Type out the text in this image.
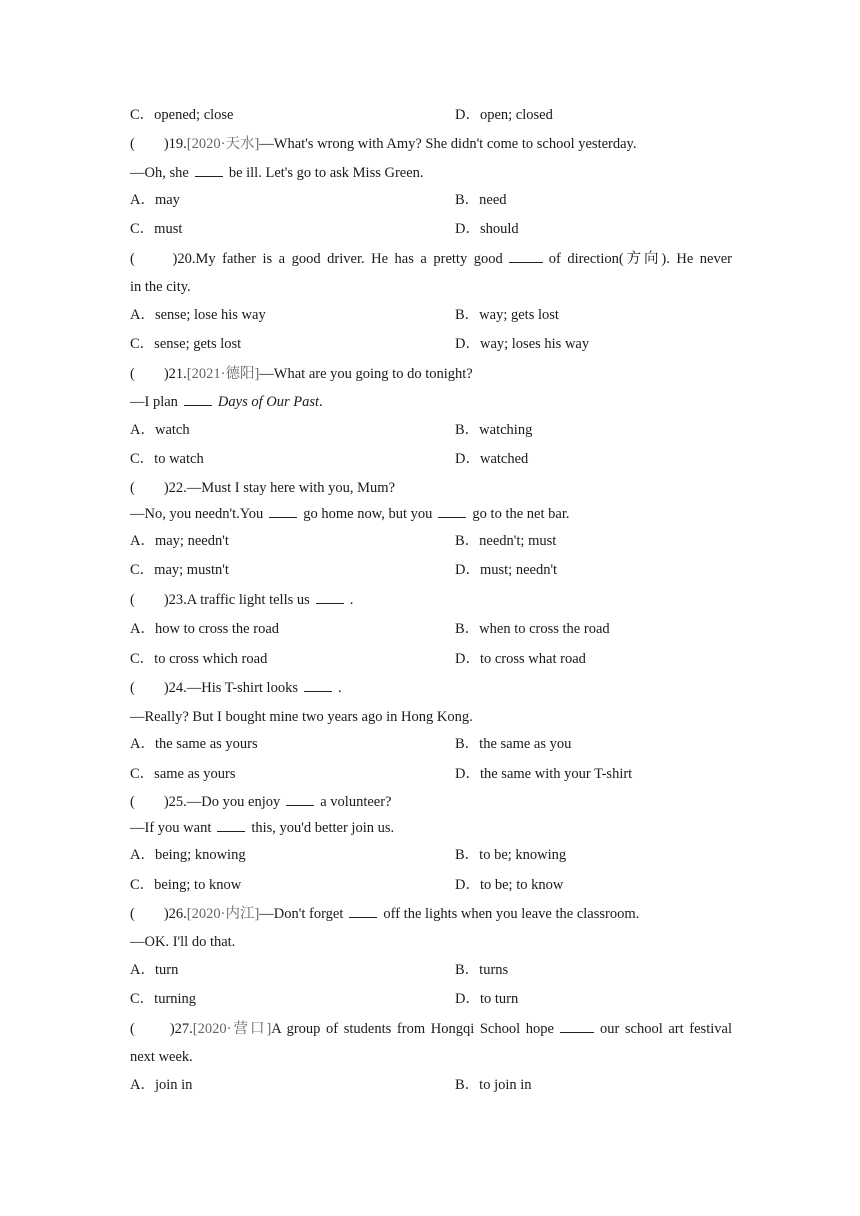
C．opened; close	D．open; closed
(　　)19.[2020·天水]—What's wrong with Amy? She didn't come to school yesterday.
—Oh, she	be ill. Let's go to ask Miss Green.
A．may	B．need
C．must	D．should
(　　)20.My father is a good driver. He has a pretty good	of direction(方向). He never
in the city.
A．sense; lose his way	B．way; gets lost
C．sense; gets lost	D．way; loses his way
(　　)21.[2021·德阳]—What are you going to do tonight?
—I plan	Days of Our Past.
A．watch	B．watching
C．to watch	D．watched
(　　)22.—Must I stay here with you, Mum?
—No, you needn't.You	go home now, but you	go to the net bar.
A．may; needn't	B．needn't; must
C．may; mustn't	D．must; needn't
(　　)23.A traffic light tells us	.
A．how to cross the road	B．when to cross the road
C．to cross which road	D．to cross what road
(　　)24.—His T-shirt looks	.
—Really? But I bought mine two years ago in Hong Kong.
A．the same as yours	B．the same as you
C．same as yours	D．the same with your T-shirt
(　　)25.—Do you enjoy	a volunteer?
—If you want	this, you'd better join us.
A．being; knowing	B．to be; knowing
C．being; to know	D．to be; to know
(　　)26.[2020·内江]—Don't forget	off the lights when you leave the classroom.
—OK. I'll do that.
A．turn	B．turns
C．turning	D．to turn
(　　)27.[2020·营口]A group of students from Hongqi School hope	our school art festival
next week.
A．join in	B．to join in
